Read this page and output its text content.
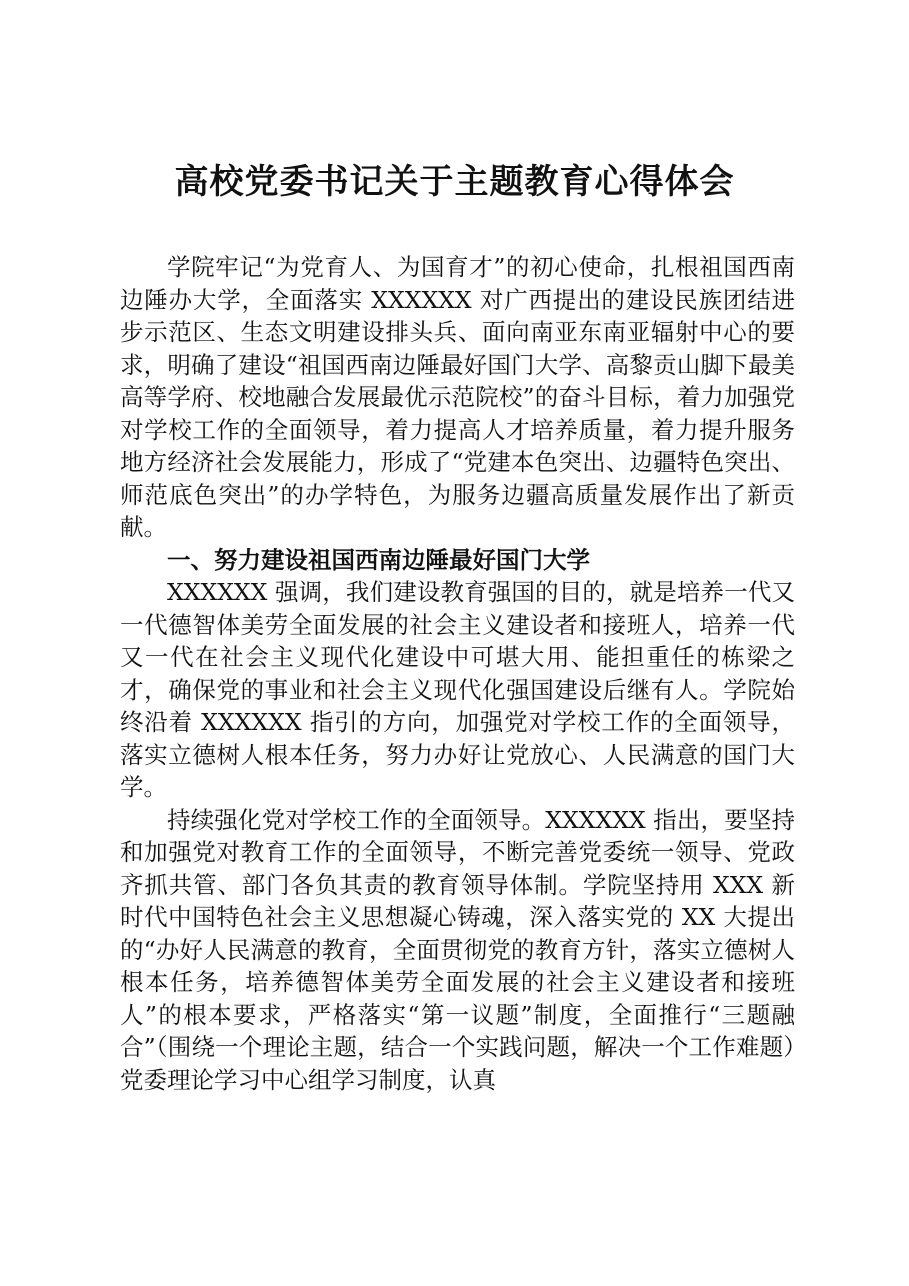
高校党委书记关于主题教育心得体会

学院牢记“为党育人、为国育才”的初心使命，扎根祖国西南边陲办大学，全面落实 XXXXXX 对广西提出的建设民族团结进步示范区、生态文明建设排头兵、面向南亚东南亚辐射中心的要求，明确了建设“祖国西南边陲最好国门大学、高黎贡山脚下最美高等学府、校地融合发展最优示范院校”的奋斗目标，着力加强党对学校工作的全面领导，着力提高人才培养质量，着力提升服务地方经济社会发展能力，形成了“党建本色突出、边疆特色突出、师范底色突出”的办学特色，为服务边疆高质量发展作出了新贡献。

一、努力建设祖国西南边陲最好国门大学

XXXXXX 强调，我们建设教育强国的目的，就是培养一代又一代德智体美劳全面发展的社会主义建设者和接班人，培养一代又一代在社会主义现代化建设中可堪大用、能担重任的栋梁之才，确保党的事业和社会主义现代化强国建设后继有人。学院始终沿着 XXXXXX 指引的方向，加强党对学校工作的全面领导，落实立德树人根本任务，努力办好让党放心、人民满意的国门大学。

持续强化党对学校工作的全面领导。XXXXXX 指出，要坚持和加强党对教育工作的全面领导，不断完善党委统一领导、党政齐抓共管、部门各负其责的教育领导体制。学院坚持用 XXX 新时代中国特色社会主义思想凝心铸魂，深入落实党的 XX 大提出的“办好人民满意的教育，全面贯彻党的教育方针，落实立德树人根本任务，培养德智体美劳全面发展的社会主义建设者和接班人”的根本要求，严格落实“第一议题”制度，全面推行“三题融合”（围绕一个理论主题，结合一个实践问题，解决一个工作难题）党委理论学习中心组学习制度，认真
